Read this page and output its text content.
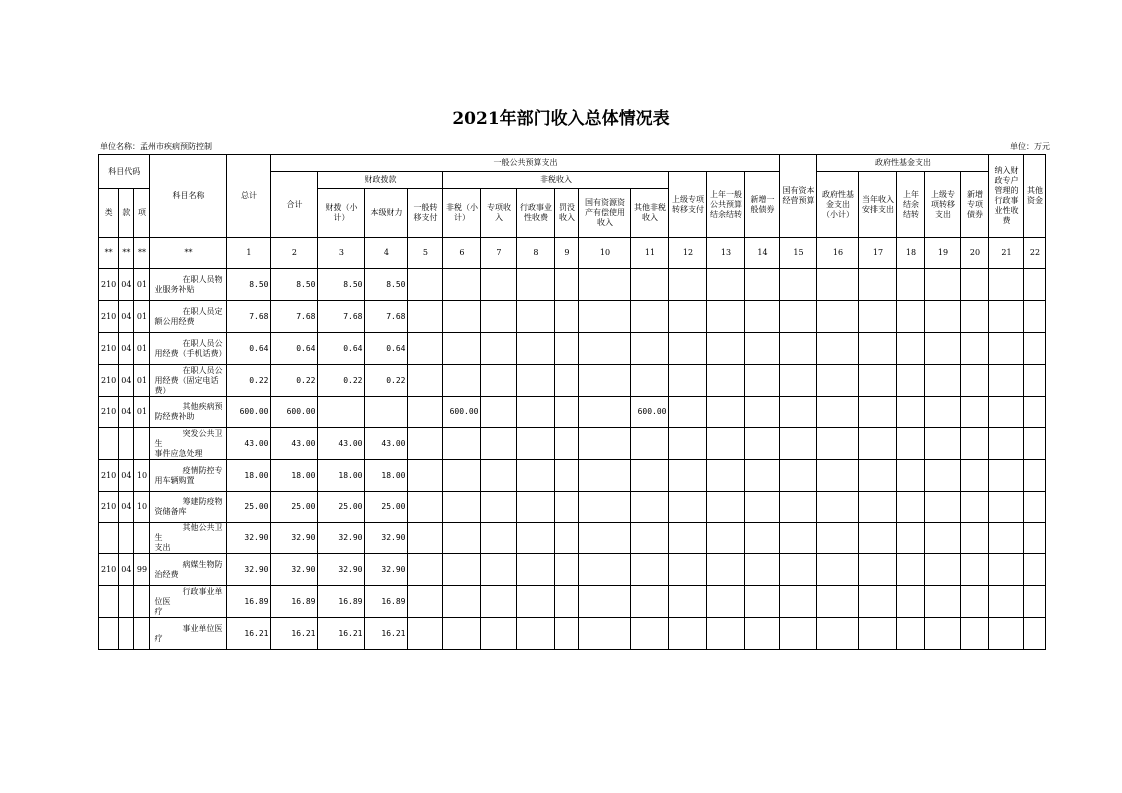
2021年部门收入总体情况表
单位名称：孟州市疾病预防控制	单位：万元
科目代码			科目名称	总计	一般公共预算支出													国有资本经营预算	政府性基金支出					纳入财政专户管理的行政事业性收费	其他资金
					合计	财政拨款			非税收入						上级专项转移支付	上年一般公共预算结余结转	新增一般债券		政府性基金支出（小计）	当年收入安排支出	上年结余结转	上级专项转移支出	新增专项债券		
类	款	项				财拨（小计）	本级财力	一般转移支付	非税（小计）	专项收入	行政事业性收费	罚没收入	国有资源资产有偿使用收入	其他非税收入											

**	**	**	**	1	2	3	4	5	6	7	8	9	10	11	12	13	14	15	16	17	18	19	20	21	22
210	04	01	在职人员物
业服务补贴	8.50	8.50	8.50	8.50																		
210	04	01	在职人员定
额公用经费	7.68	7.68	7.68	7.68																		
210	04	01	在职人员公
用经费（手机话费）	0.64	0.64	0.64	0.64																		
210	04	01	在职人员公
用经费（固定电话费）	0.22	0.22	0.22	0.22																		
210	04	01	其他疾病预
防经费补助	600.00	600.00				600.00					600.00											

			突发公共卫生
事件应急处理	43.00	43.00	43.00	43.00																		
210	04	10	疫情防控专
用车辆购置	18.00	18.00	18.00	18.00																		
210	04	10	筹建防疫物
资储备库	25.00	25.00	25.00	25.00																		

			其他公共卫生
支出	32.90	32.90	32.90	32.90																		
210	04	99	病媒生物防
治经费	32.90	32.90	32.90	32.90																		

			行政事业单位医
疗	16.89	16.89	16.89	16.89																		

			事业单位医疗	16.21	16.21	16.21	16.21																		
